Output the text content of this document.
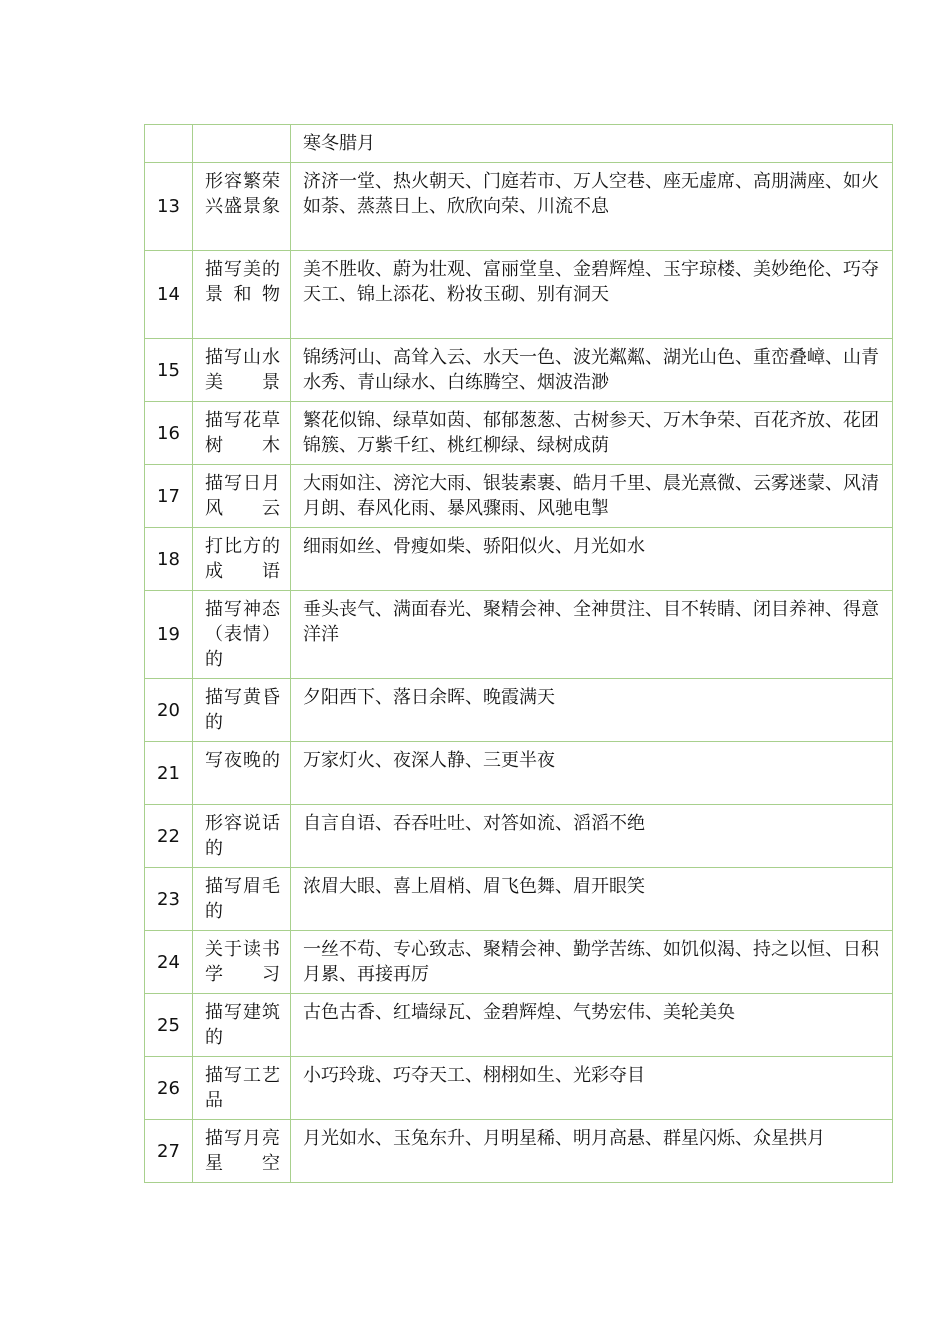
		寒冬腊月
13	形容繁荣兴盛景象	济济一堂、热火朝天、门庭若市、万人空巷、座无虚席、高朋满座、如火如荼、蒸蒸日上、欣欣向荣、川流不息
14	描写美的景和物	美不胜收、蔚为壮观、富丽堂皇、金碧辉煌、玉宇琼楼、美妙绝伦、巧夺天工、锦上添花、粉妆玉砌、别有洞天
15	描写山水美景	锦绣河山、高耸入云、水天一色、波光粼粼、湖光山色、重峦叠嶂、山青水秀、青山绿水、白练腾空、烟波浩渺
16	描写花草树木	繁花似锦、绿草如茵、郁郁葱葱、古树参天、万木争荣、百花齐放、花团锦簇、万紫千红、桃红柳绿、绿树成荫
17	描写日月风云	大雨如注、滂沱大雨、银装素裹、皓月千里、晨光熹微、云雾迷蒙、风清月朗、春风化雨、暴风骤雨、风驰电掣
18	打比方的成语	细雨如丝、骨瘦如柴、骄阳似火、月光如水
19	描写神态（表情）的	垂头丧气、满面春光、聚精会神、全神贯注、目不转睛、闭目养神、得意洋洋
20	描写黄昏的	夕阳西下、落日余晖、晚霞满天
21	写夜晚的	万家灯火、夜深人静、三更半夜
22	形容说话的	自言自语、吞吞吐吐、对答如流、滔滔不绝
23	描写眉毛的	浓眉大眼、喜上眉梢、眉飞色舞、眉开眼笑
24	关于读书学习	一丝不苟、专心致志、聚精会神、勤学苦练、如饥似渴、持之以恒、日积月累、再接再厉
25	描写建筑的	古色古香、红墙绿瓦、金碧辉煌、气势宏伟、美轮美奂
26	描写工艺品	小巧玲珑、巧夺天工、栩栩如生、光彩夺目
27	描写月亮星空	月光如水、玉兔东升、月明星稀、明月高悬、群星闪烁、众星拱月
